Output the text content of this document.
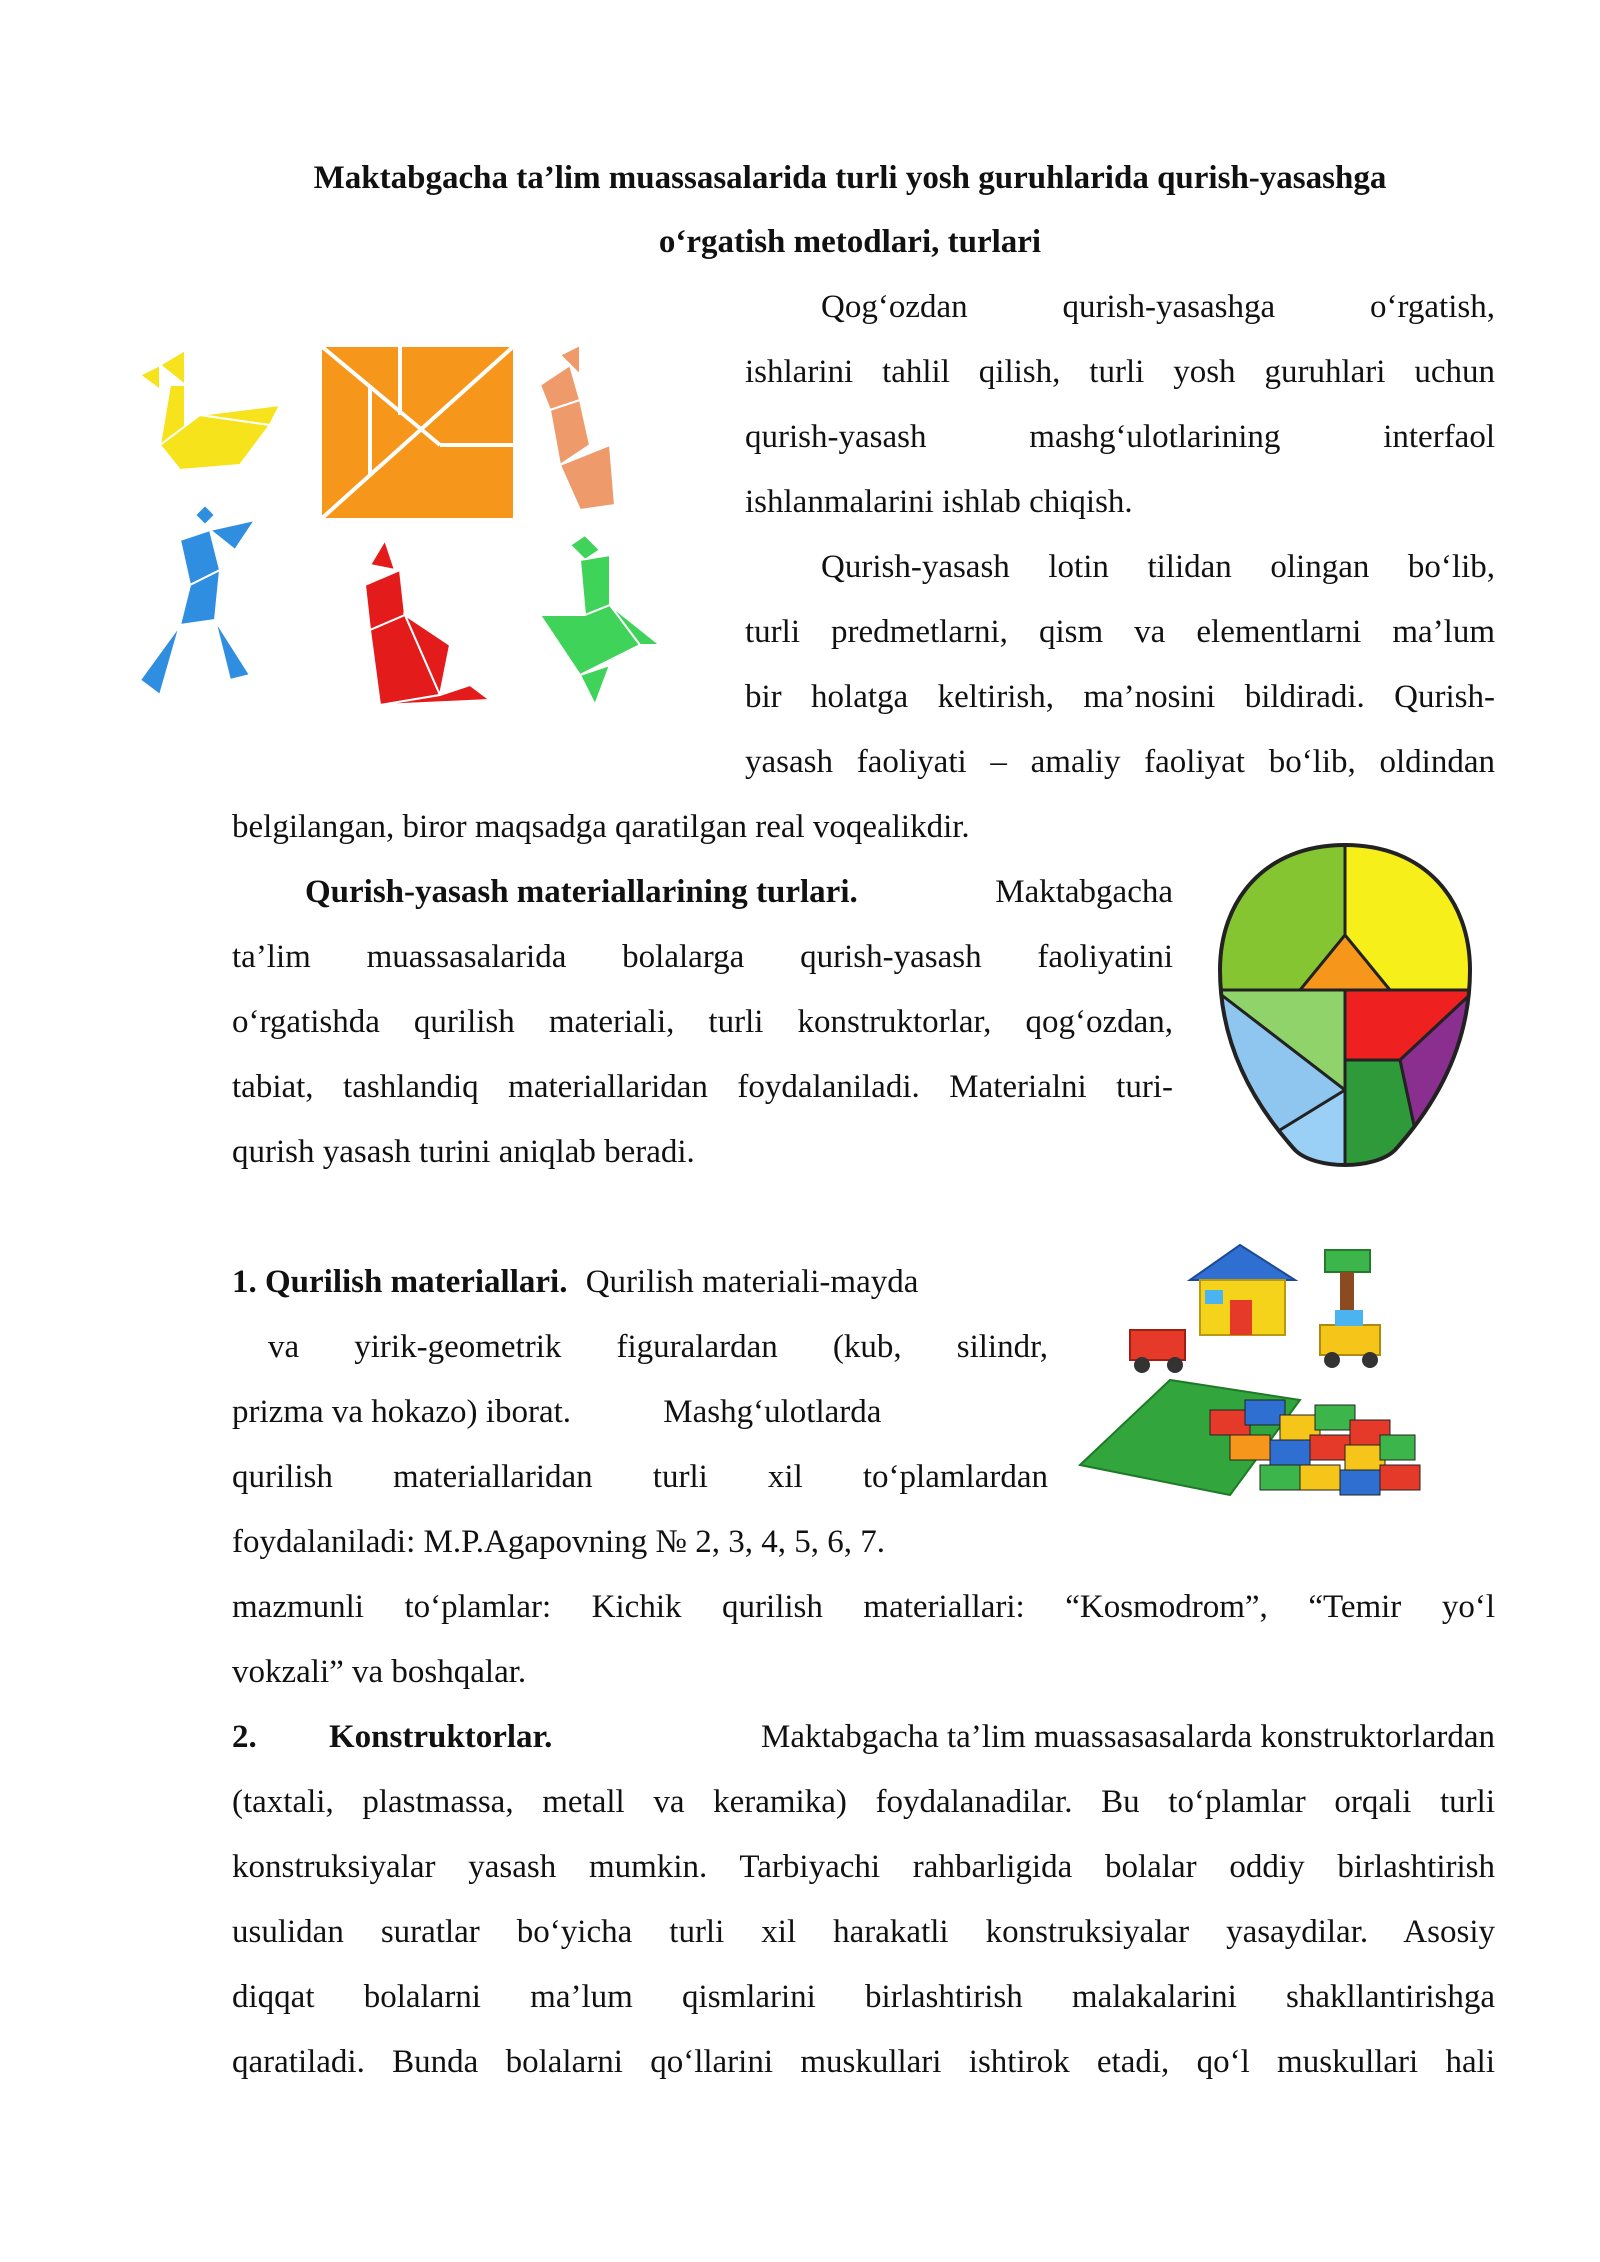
Maktabgacha ta’lim muassasalarida turli yosh guruhlarida qurish-yasashga
o‘rgatish metodlari, turlari
Qog‘ozdan qurish-yasashga o‘rgatish,
ishlarini tahlil qilish, turli yosh guruhlari uchun
qurish-yasash mashg‘ulotlarining interfaol
ishlanmalarini ishlab chiqish.
Qurish-yasash lotin tilidan olingan bo‘lib,
turli predmetlarni, qism va elementlarni ma’lum
bir holatga keltirish, ma’nosini bildiradi. Qurish-
yasash faoliyati – amaliy faoliyat bo‘lib, oldindan
belgilangan, biror maqsadga qaratilgan real voqealikdir.
Qurish-yasash materiallarining turlari.	Maktabgacha
ta’lim muassasalarida bolalarga qurish-yasash faoliyatini
o‘rgatishda qurilish materiali, turli konstruktorlar, qog‘ozdan,
tabiat, tashlandiq materiallaridan foydalaniladi. Materialni turi-
qurish yasash turini aniqlab beradi.
1. Qurilish materiallari. Qurilish materiali-mayda
va yirik-geometrik figuralardan (kub, silindr,
prizma va hokazo) iborat.	Mashg‘ulotlarda
qurilish materiallaridan turli xil to‘plamlardan
foydalaniladi: M.P.Agapovning № 2, 3, 4, 5, 6, 7.
mazmunli to‘plamlar: Kichik qurilish materiallari: “Kosmodrom”, “Temir yo‘l
vokzali” va boshqalar.
2. Konstruktorlar.	Maktabgacha ta’lim muassasasalarda konstruktorlardan
(taxtali, plastmassa, metall va keramika) foydalanadilar. Bu to‘plamlar orqali turli
konstruksiyalar yasash mumkin. Tarbiyachi rahbarligida bolalar oddiy birlashtirish
usulidan suratlar bo‘yicha turli xil harakatli konstruksiyalar yasaydilar. Asosiy
diqqat bolalarni ma’lum qismlarini birlashtirish malakalarini shakllantirishga
qaratiladi. Bunda bolalarni qo‘llarini muskullari ishtirok etadi, qo‘l muskullari hali
